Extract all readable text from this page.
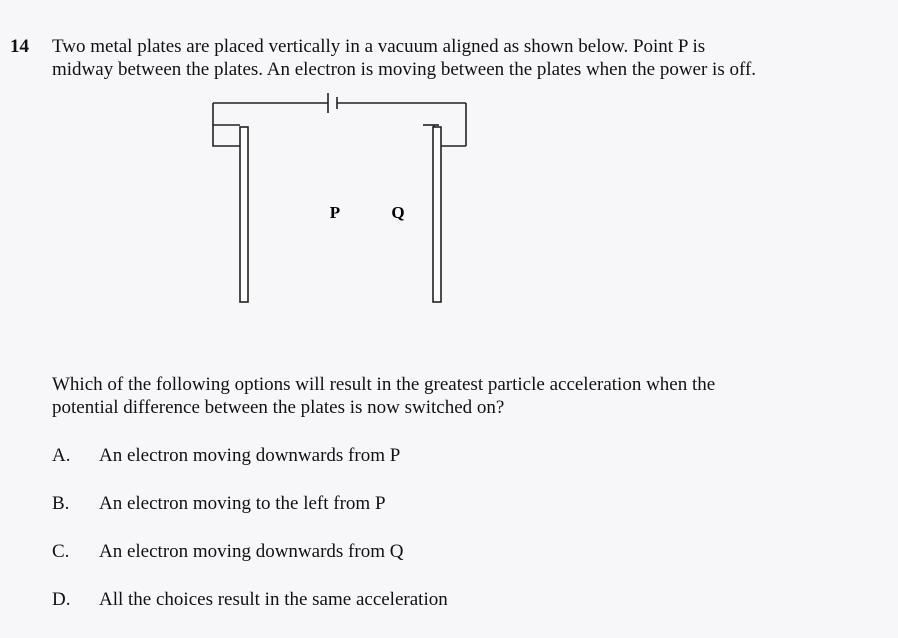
14 Two metal plates are placed vertically in a vacuum aligned as shown below. Point P is

midway between the plates. An electron is moving between the plates when the power is off.

P	Q

Which of the following options will result in the greatest particle acceleration when the

potential difference between the plates is now switched on?

A. An electron moving downwards from P
B. An electron moving to the left from P
C. An electron moving downwards from Q
D. All the choices result in the same acceleration
